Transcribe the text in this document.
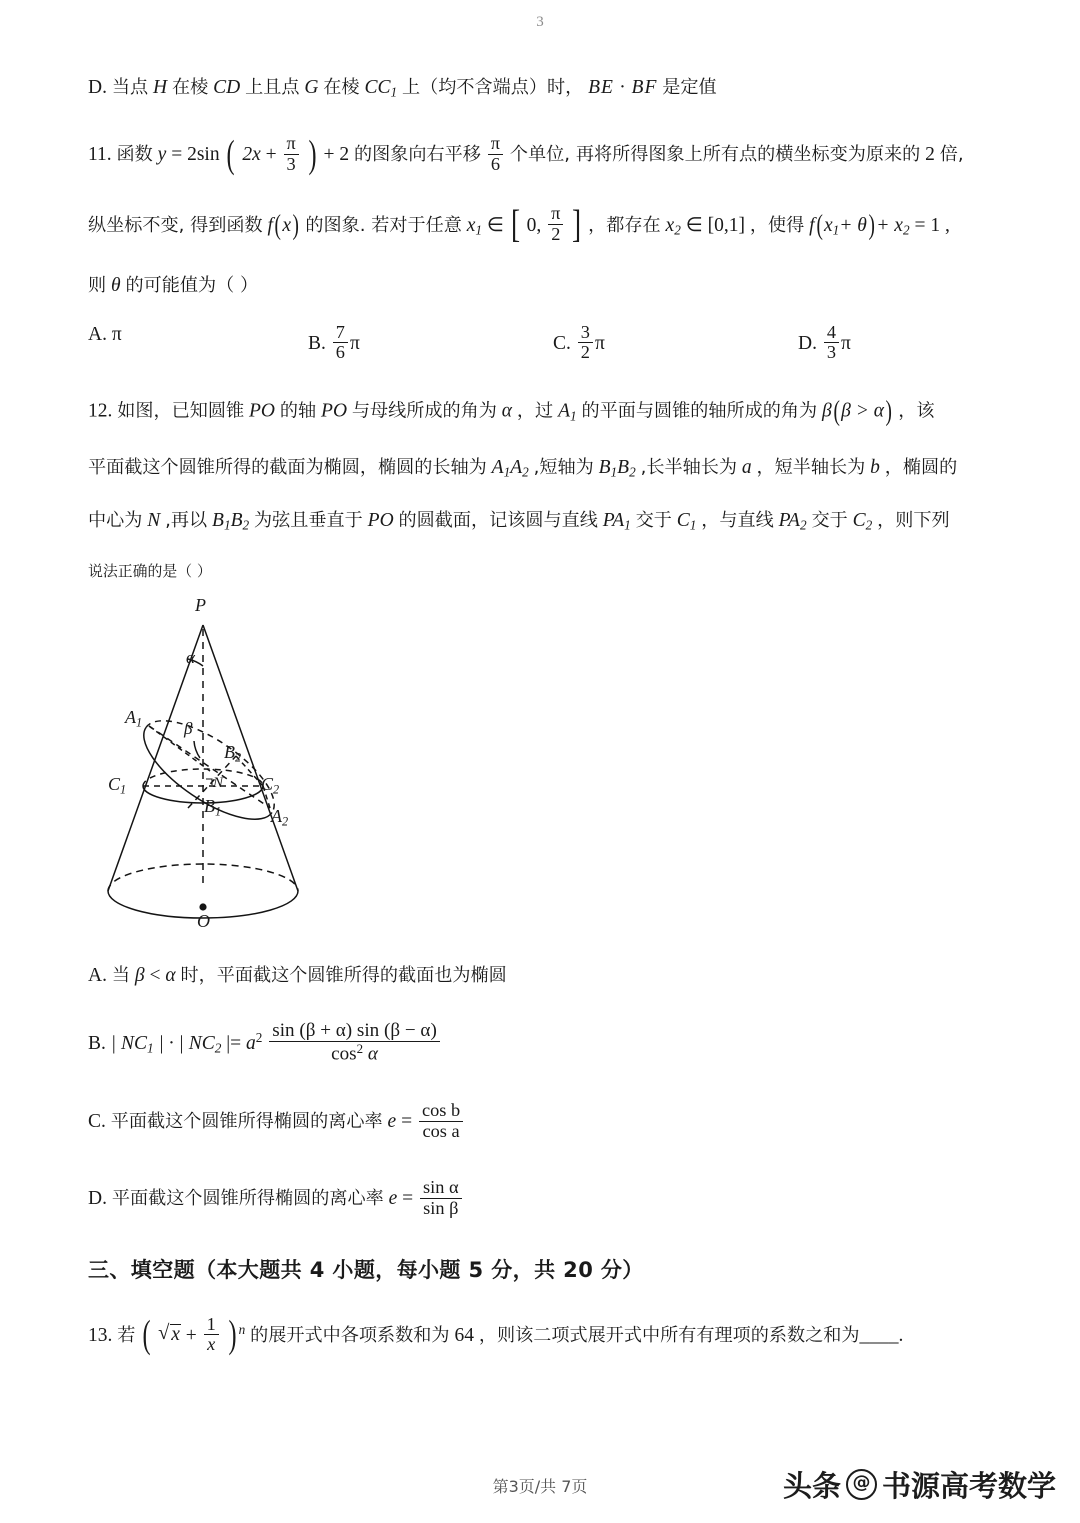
3
D. 当点 H 在棱 CD 上且点 G 在棱 $CC_1$ 上（均不含端点）时， BE · BF 是定值
11. 函数 y = 2sin ( $2x + \frac{\pi}{3}$ ) + 2 的图象向右平移 $\frac{\pi}{6}$ 个单位, 再将所得图象上所有点的横坐标变为原来的 2 倍,
纵坐标不变, 得到函数 f(x) 的图象. 若对于任意 $x_1$ ∈ [ 0, $\frac{\pi}{2}$ ] ，都存在 $x_2$ ∈ [0,1] ，使得 $f(x_1+ \theta)+ x_2 = 1$ ,
则 θ 的可能值为（ ）
A. π	B. $\frac{7}{6}$ π	C. $\frac{3}{2}$ π	D. $\frac{4}{3}$ π
12. 如图，已知圆锥 PO 的轴 PO 与母线所成的角为 α ，过 $A_1$ 的平面与圆锥的轴所成的角为 β(β > α) ，该
平面截这个圆锥所得的截面为椭圆，椭圆的长轴为 $A_1A_2$ ,短轴为 $B_1B_2$ ,长半轴长为 a ，短半轴长为 b ，椭圆的
中心为 N ,再以 $B_1B_2$ 为弦且垂直于 PO 的圆截面，记该圆与直线 $PA_1$ 交于 $C_1$ ，与直线 $PA_2$ 交于 $C_2$ ，则下列
说法正确的是（ ）
P
α
β
$A_1$
$A_2$
$B_1$
$B_2$
$C_1$	$C_2$
N
O
A. 当 β < α 时，平面截这个圆锥所得的截面也为椭圆
B. | $NC_1$ | · | $NC_2$ |= $a^2 \frac{\sin (\beta + \alpha) \sin (\beta - \alpha)}{\cos^2 \alpha}$
C. 平面截这个圆锥所得椭圆的离心率 $e = \frac{\text{cos b}}{\text{cos a}}$
D. 平面截这个圆锥所得椭圆的离心率 $e = \frac{\text{sin α}}{\text{sin β}}$
三、填空题（本大题共 4 小题，每小题 5 分，共 20 分）
13. 若 ( √ $x + \frac{1}{x}$ ) $^n$ 的展开式中各项系数和为 64 ，则该二项式展开式中所有有理项的系数之和为____.
第3页/共 7页	头条 @ 书源高考数学
